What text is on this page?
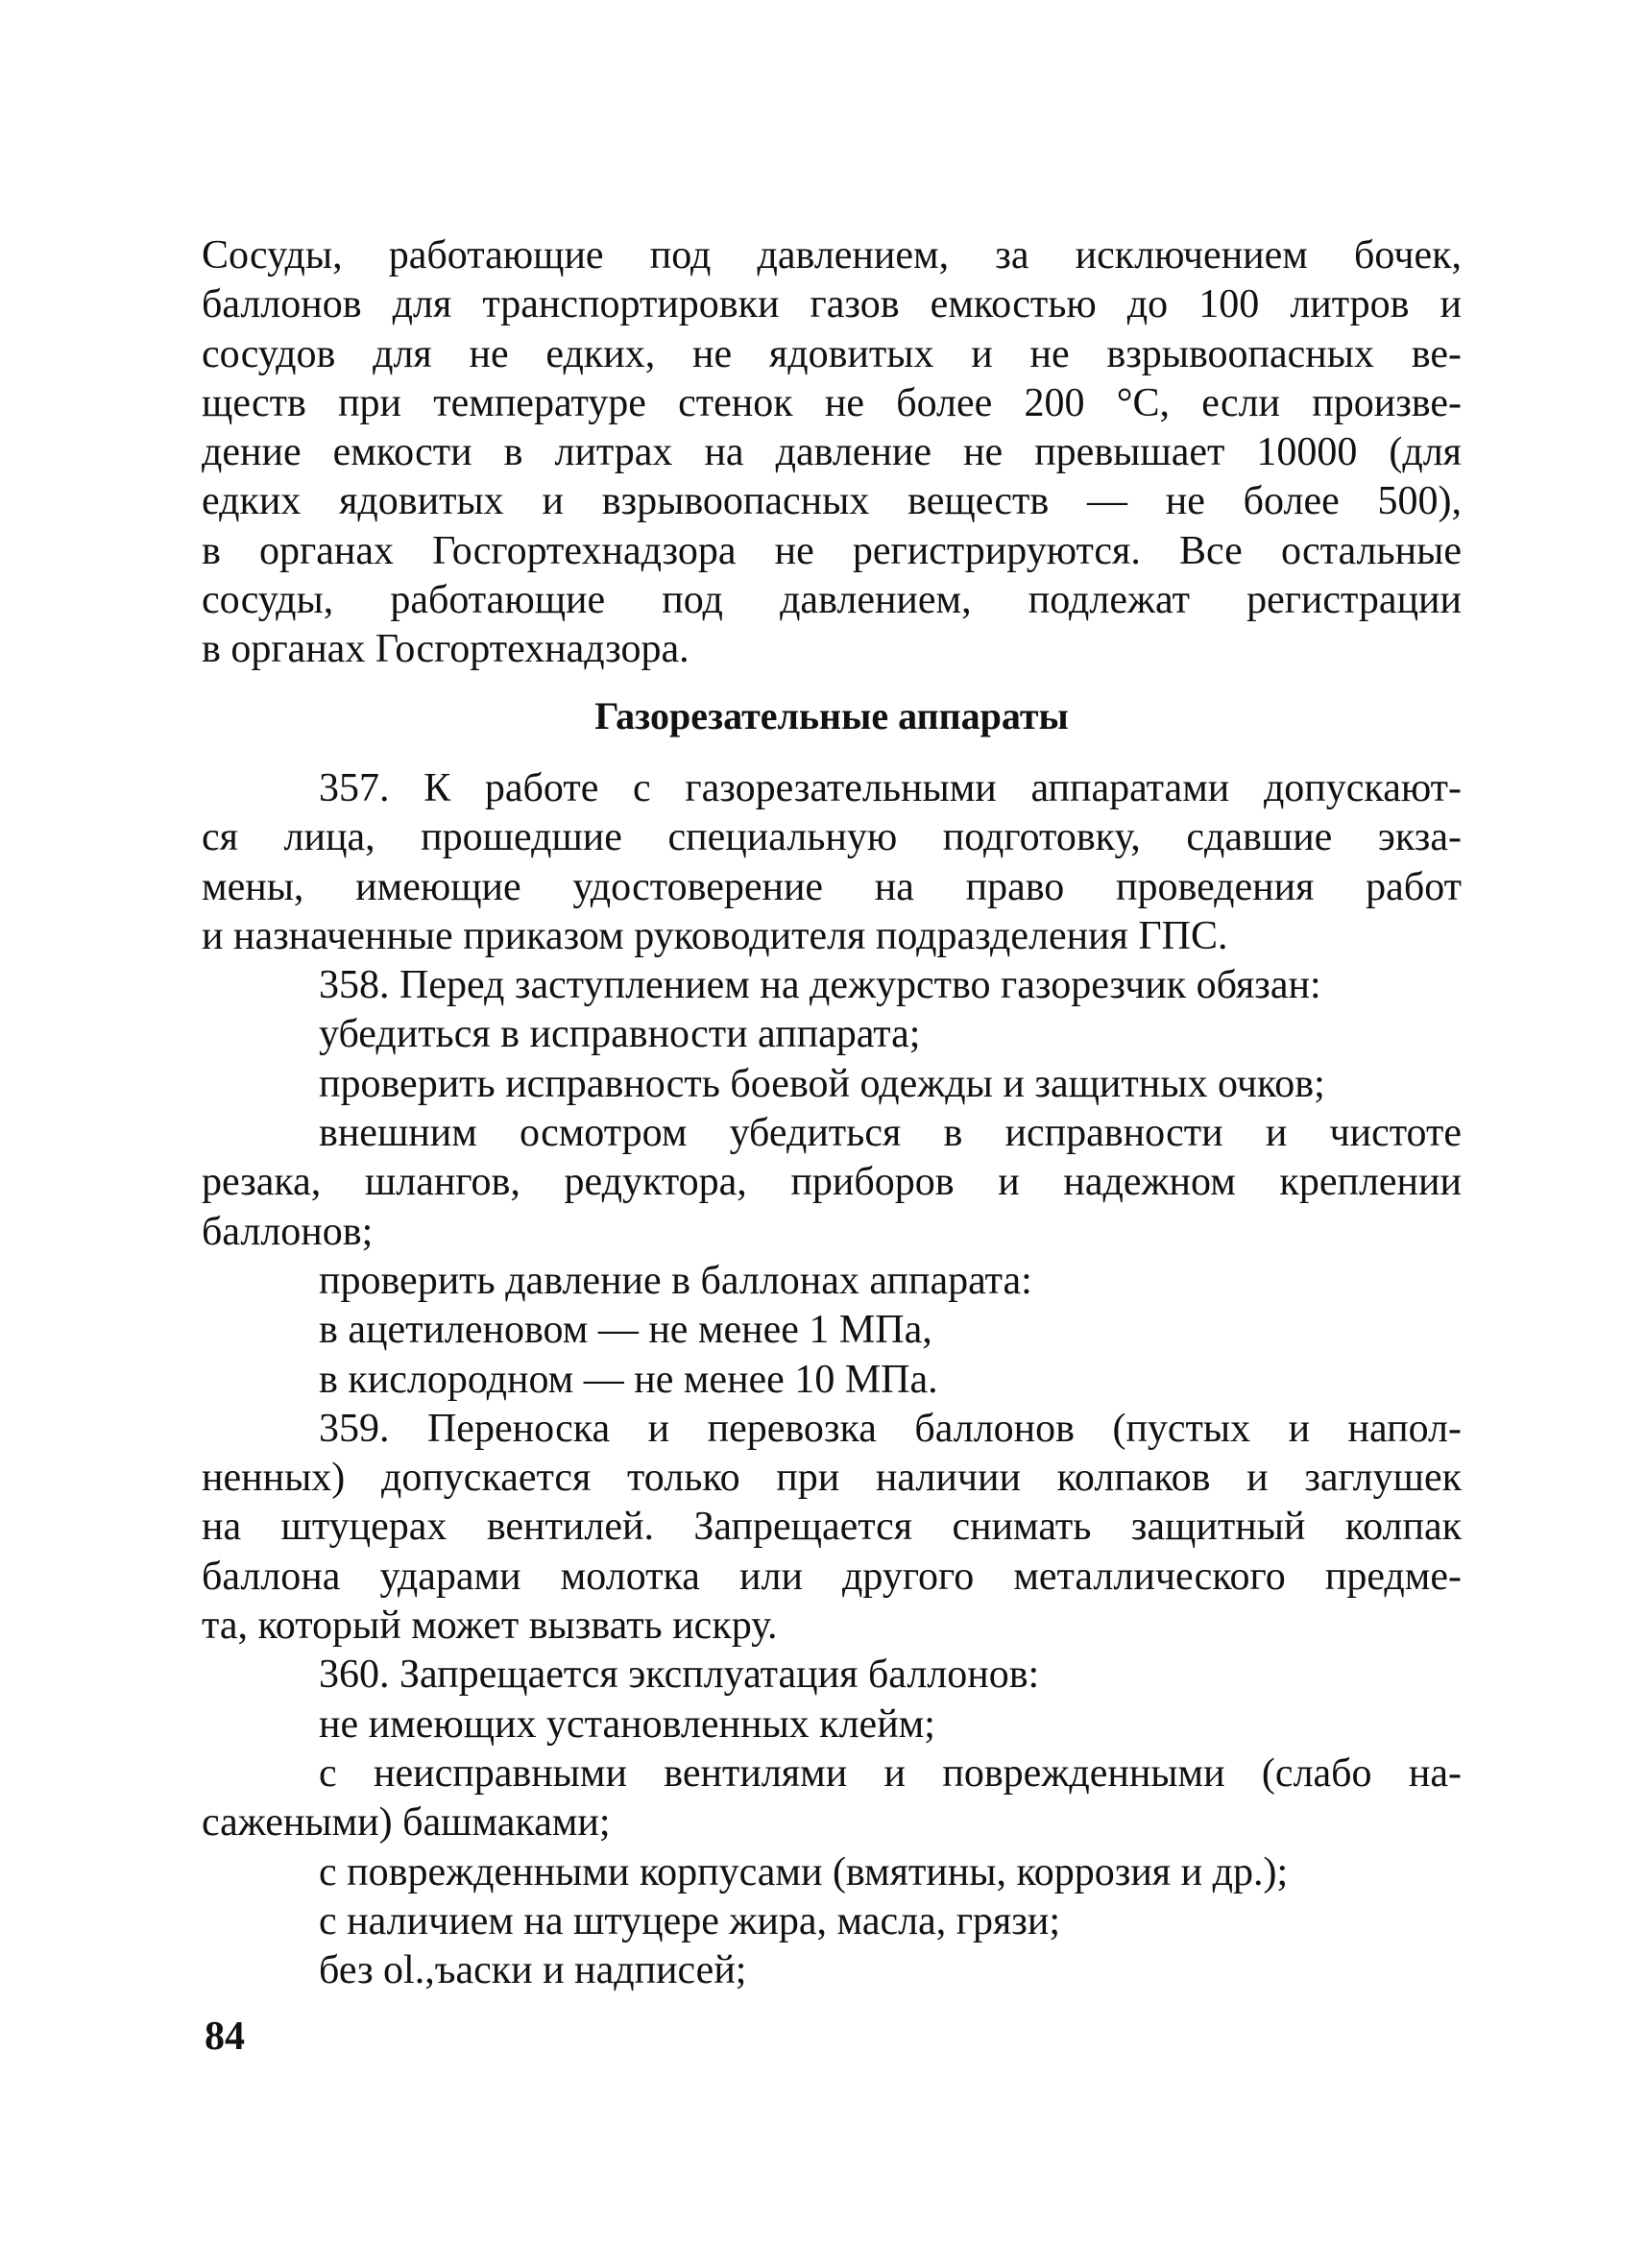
Сосуды, работающие под давлением, за исключением бочек,
баллонов для транспортировки газов емкостью до 100 литров и
сосудов для не едких, не ядовитых и не взрывоопасных ве-
ществ при температуре стенок не более 200 °С, если произве-
дение емкости в литрах на давление не превышает 10000 (для
едких ядовитых и взрывоопасных веществ — не более 500),
в органах Госгортехнадзора не регистрируются. Все остальные
сосуды, работающие под давлением, подлежат регистрации
в органах Госгортехнадзора.
Газорезательные аппараты
357. К работе с газорезательными аппаратами допускают-
ся лица, прошедшие специальную подготовку, сдавшие экза-
мены, имеющие удостоверение на право проведения работ
и назначенные приказом руководителя подразделения ГПС.
358. Перед заступлением на дежурство газорезчик обязан:
убедиться в исправности аппарата;
проверить исправность боевой одежды и защитных очков;
внешним осмотром убедиться в исправности и чистоте
резака, шлангов, редуктора, приборов и надежном креплении
баллонов;
проверить давление в баллонах аппарата:
в ацетиленовом — не менее 1 МПа,
в кислородном — не менее 10 МПа.
359. Переноска и перевозка баллонов (пустых и напол-
ненных) допускается только при наличии колпаков и заглушек
на штуцерах вентилей. Запрещается снимать защитный колпак
баллона ударами молотка или другого металлического предме-
та, который может вызвать искру.
360. Запрещается эксплуатация баллонов:
не имеющих установленных клейм;
с неисправными вентилями и поврежденными (слабо на-
сажеными) башмаками;
с поврежденными корпусами (вмятины, коррозия и др.);
с наличием на штуцере жира, масла, грязи;
без ol.,ъаски и надписей;
84
